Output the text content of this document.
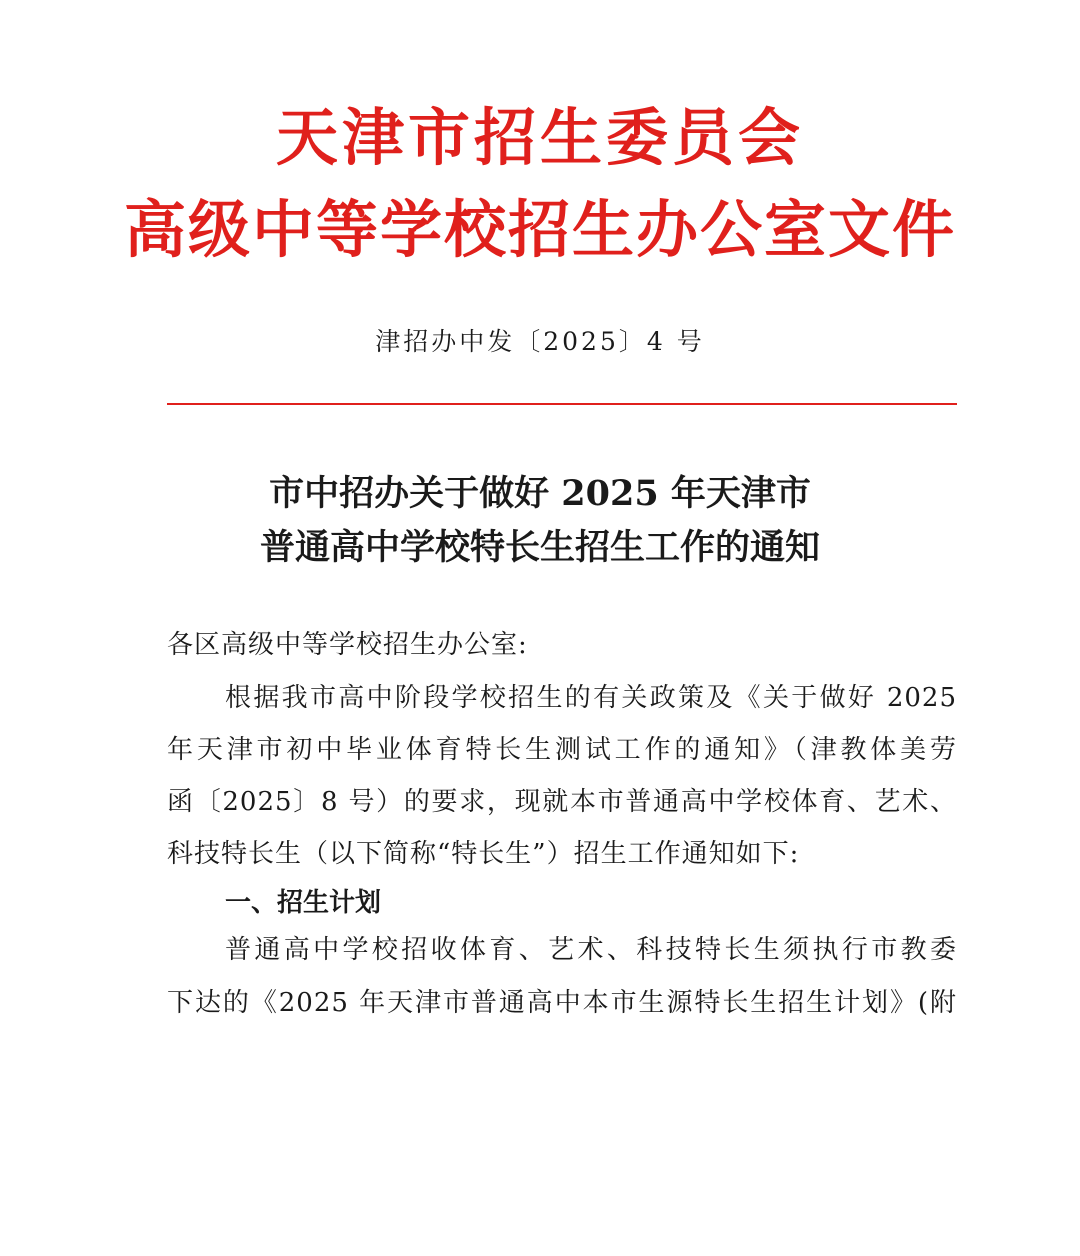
天津市招生委员会
高级中等学校招生办公室文件
津招办中发〔2025〕4 号
市中招办关于做好 2025 年天津市
普通高中学校特长生招生工作的通知
各区高级中等学校招生办公室:
根据我市高中阶段学校招生的有关政策及《关于做好 2025
年天津市初中毕业体育特长生测试工作的通知》（津教体美劳
函〔2025〕8 号）的要求，现就本市普通高中学校体育、艺术、
科技特长生（以下简称“特长生”）招生工作通知如下:
一、招生计划
普通高中学校招收体育、艺术、科技特长生须执行市教委
下达的《2025 年天津市普通高中本市生源特长生招生计划》(附
